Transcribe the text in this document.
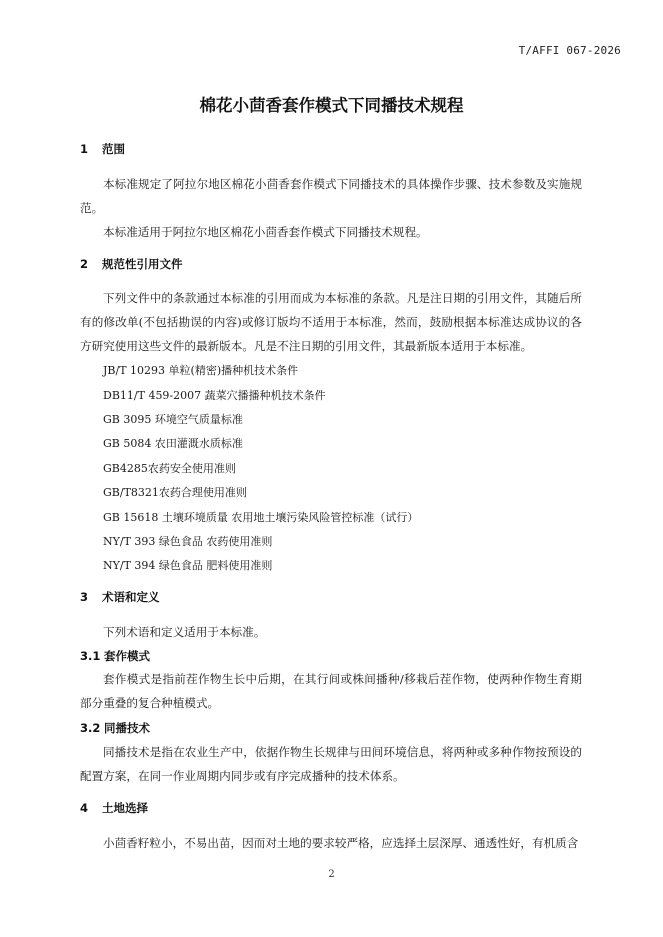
T/AFFI 067-2026
棉花小茴香套作模式下同播技术规程
1 范围

本标准规定了阿拉尔地区棉花小茴香套作模式下同播技术的具体操作步骤、技术参数及实施规范。

本标准适用于阿拉尔地区棉花小茴香套作模式下同播技术规程。

2 规范性引用文件

下列文件中的条款通过本标准的引用而成为本标准的条款。凡是注日期的引用文件，其随后所有的修改单(不包括勘误的内容)或修订版均不适用于本标准，然而，鼓励根据本标准达成协议的各方研究使用这些文件的最新版本。凡是不注日期的引用文件，其最新版本适用于本标准。

JB/T 10293 单粒(精密)播种机技术条件
DB11/T 459-2007 蔬菜穴播播种机技术条件
GB 3095 环境空气质量标准
GB 5084 农田灌溉水质标准
GB4285农药安全使用准则
GB/T8321农药合理使用准则
GB 15618 土壤环境质量 农用地土壤污染风险管控标准（试行）
NY/T 393 绿色食品 农药使用准则
NY/T 394 绿色食品 肥料使用准则
3 术语和定义

下列术语和定义适用于本标准。

3.1 套作模式

套作模式是指前茬作物生长中后期，在其行间或株间播种/移栽后茬作物，使两种作物生育期部分重叠的复合种植模式。

3.2 同播技术

同播技术是指在农业生产中，依据作物生长规律与田间环境信息，将两种或多种作物按预设的配置方案，在同一作业周期内同步或有序完成播种的技术体系。

4 土地选择

小茴香籽粒小，不易出苗，因而对土地的要求较严格，应选择土层深厚、通透性好，有机质含

2
